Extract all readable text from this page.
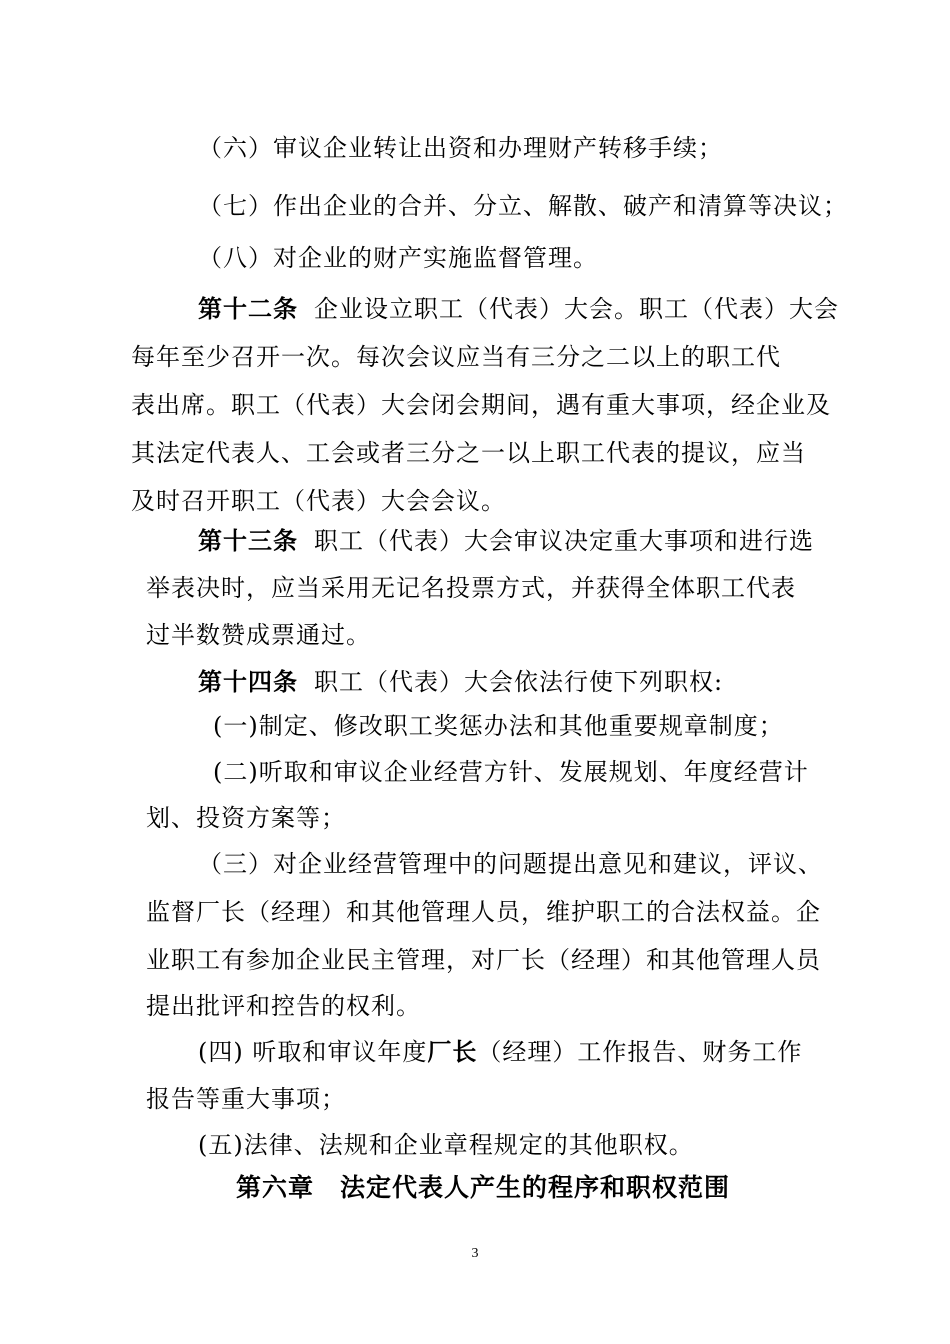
（六）审议企业转让出资和办理财产转移手续；
（七）作出企业的合并、分立、解散、破产和清算等决议；
（八）对企业的财产实施监督管理。
第十二条 企业设立职工（代表）大会。职工（代表）大会
每年至少召开一次。每次会议应当有三分之二以上的职工代
表出席。职工（代表）大会闭会期间，遇有重大事项，经企业及
其法定代表人、工会或者三分之一以上职工代表的提议，应当
及时召开职工（代表）大会会议。
第十三条 职工（代表）大会审议决定重大事项和进行选
举表决时，应当采用无记名投票方式，并获得全体职工代表
过半数赞成票通过。
第十四条 职工（代表）大会依法行使下列职权:
(一)制定、修改职工奖惩办法和其他重要规章制度；
(二)听取和审议企业经营方针、发展规划、年度经营计
划、投资方案等；
（三）对企业经营管理中的问题提出意见和建议，评议、
监督厂长（经理）和其他管理人员，维护职工的合法权益。企
业职工有参加企业民主管理，对厂长（经理）和其他管理人员
提出批评和控告的权利。
(四) 听取和审议年度厂长（经理）工作报告、财务工作
报告等重大事项；
(五)法律、法规和企业章程规定的其他职权。
第六章　法定代表人产生的程序和职权范围
3
